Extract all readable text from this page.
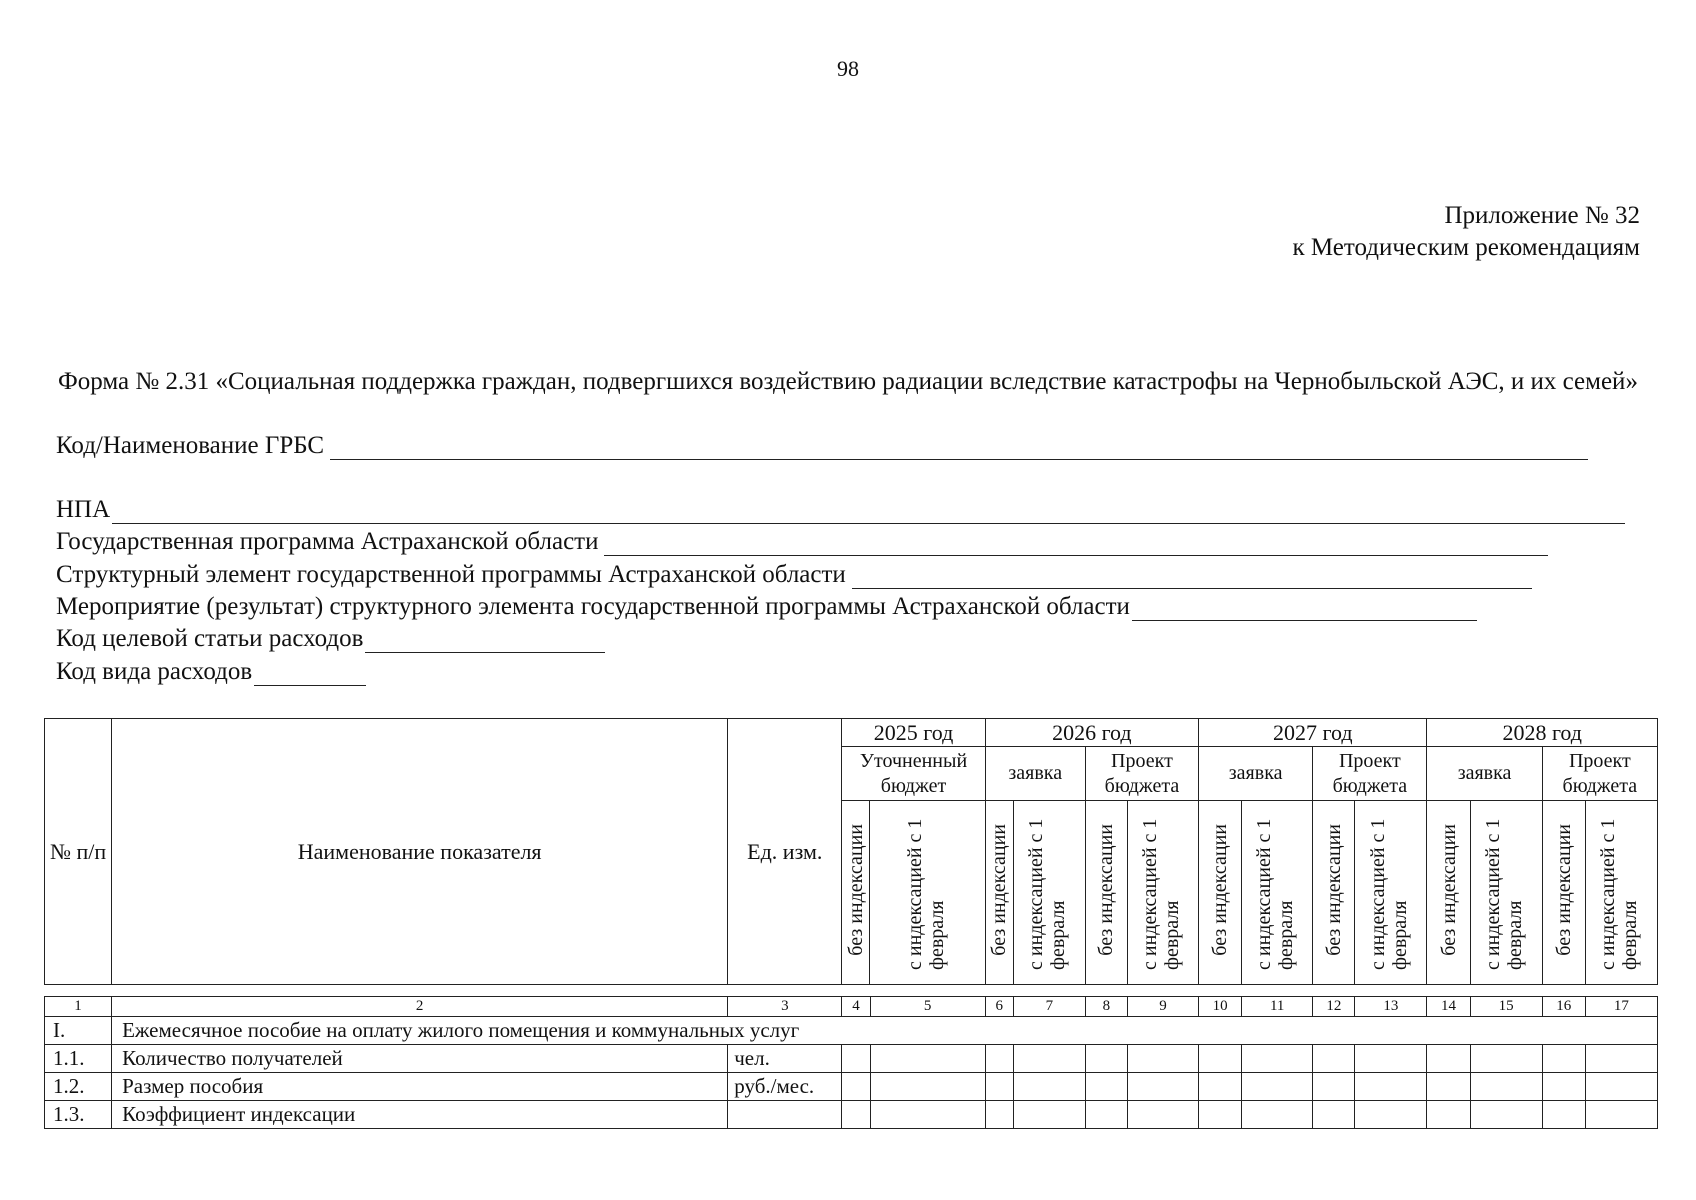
98
Приложение № 32
к Методическим рекомендациям
Форма № 2.31 «Социальная поддержка граждан, подвергшихся воздействию радиации вследствие катастрофы на Чернобыльской АЭС, и их семей»
Код/Наименование ГРБС
НПА
Государственная программа Астраханской области
Структурный элемент государственной программы Астраханской области
Мероприятие (результат) структурного элемента государственной программы Астраханской области
Код целевой статьи расходов
Код вида расходов
№ п/п	Наименование показателя	Ед. изм.	2025 год		2026 год				2027 год				2028 год			
			Уточненный бюджет		заявка		Проект бюджета		заявка		Проект бюджета		заявка		Проект бюджета	
			без индексации	с индексацией с 1 февраля	без индексации	с индексацией с 1 февраля	без индексации	с индексацией с 1 февраля	без индексации	с индексацией с 1 февраля	без индексации	с индексацией с 1 февраля	без индексации	с индексацией с 1 февраля	без индексации	с индексацией с 1 февраля
1	2	3	4	5	6	7	8	9	10	11	12	13	14	15	16	17
I.	Ежемесячное пособие на оплату жилого помещения и коммунальных услуг															
1.1.	Количество получателей	чел.														
1.2.	Размер пособия	руб./мес.														
1.3.	Коэффициент индексации															
